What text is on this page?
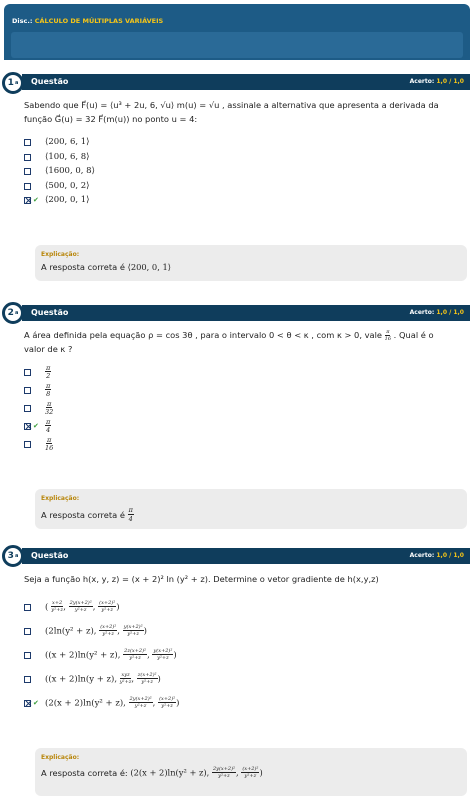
Disc.: CÁLCULO DE MÚLTIPLAS VARIÁVEIS
1 a Questão	Acerto: 1,0 / 1,0
Sabendo que F⃗(u) = ⟨u³ + 2u, 6, √u⟩ m(u) = √u , assinale a alternativa que apresenta a derivada da função G⃗(u) = 32 F⃗(m(u)) no ponto u = 4:
⟨200, 6, 1⟩
⟨100, 6, 8⟩
⟨1600, 0, 8⟩
⟨500, 0, 2⟩
✔ ⟨200, 0, 1⟩
Explicação:
A resposta correta é
⟨200, 0, 1⟩
2 a Questão	Acerto: 1,0 / 1,0
A área definida pela equação ρ = cos 3θ , para o intervalo 0 < θ < κ , com κ > 0, vale $\frac{\pi}{16}$ . Qual é o valor de κ ?
$\frac{\pi}{2}$
$\frac{\pi}{8}$
$\frac{\pi}{32}$
✔ $\frac{\pi}{4}$
$\frac{\pi}{16}$
Explicação:
A resposta correta é
$\frac{\pi}{4}$
3 a Questão	Acerto: 1,0 / 1,0
Seja a função h(x, y, z) = (x + 2)² ln (y² + z). Determine o vetor gradiente de h(x,y,z)
( $\frac{x+2}{\text{y²+z}}$ , $\frac{\text{2y(x+2)²}}{\text{y²+z}}$ , $\frac{\text{(x+2)²}}{\text{y²+z}}$ )
(2ln(y² + z), $\frac{\text{(x+2)²}}{\text{y²+z}}$ , $\frac{\text{y(x+2)²}}{\text{y²+z}}$ )
((x + 2)ln(y² + z), $\frac{\text{2z(x+2)²}}{\text{y²+z}}$ , $\frac{\text{y(x+2)²}}{\text{y²+z}}$ )
((x + 2)ln(y + z), $\frac{\text{xyz}}{\text{y²+z}}$ , $\frac{\text{z(x+2)²}}{\text{y²+z}}$ )
✔ (2(x + 2)ln(y² + z), $\frac{\text{2y(x+2)²}}{\text{y²+z}}$ , $\frac{\text{(x+2)²}}{\text{y²+z}}$ )
Explicação:
A resposta correta é:
(2(x + 2)ln(y² + z), $\frac{\text{2y(x+2)²}}{\text{y²+z}}$ , $\frac{\text{(x+2)²}}{\text{y²+z}}$ )
